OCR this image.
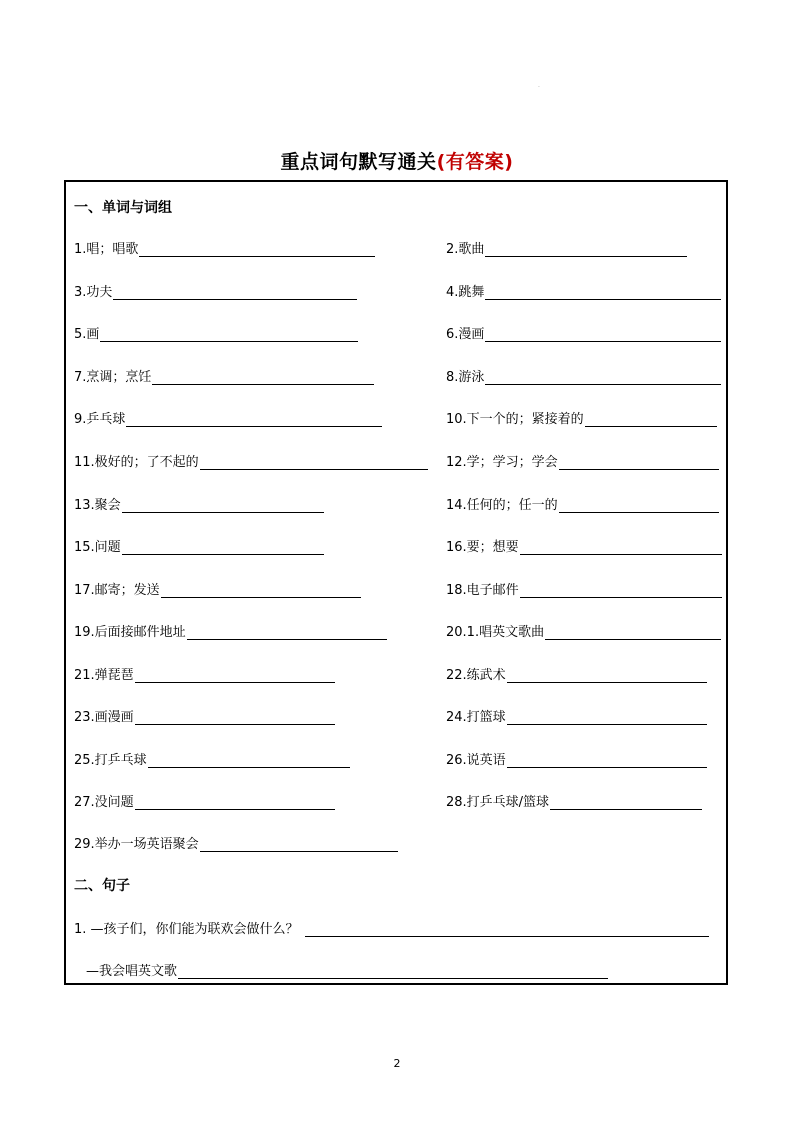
.
重点词句默写通关(有答案)
一、单词与词组
1.唱；唱歌	2.歌曲
3.功夫	4.跳舞
5.画	6.漫画
7.烹调；烹饪	8.游泳
9.乒乓球	10.下一个的；紧接着的
11.极好的；了不起的	12.学；学习；学会
13.聚会	14.任何的；任一的
15.问题	16.要；想要
17.邮寄；发送	18.电子邮件
19.后面接邮件地址	20.1.唱英文歌曲
21.弹琵琶	22.练武术
23.画漫画	24.打篮球
25.打乒乓球	26.说英语
27.没问题	28.打乒乓球/篮球
29.举办一场英语聚会
二、句子
1. —孩子们，你们能为联欢会做什么？
—我会唱英文歌
2
